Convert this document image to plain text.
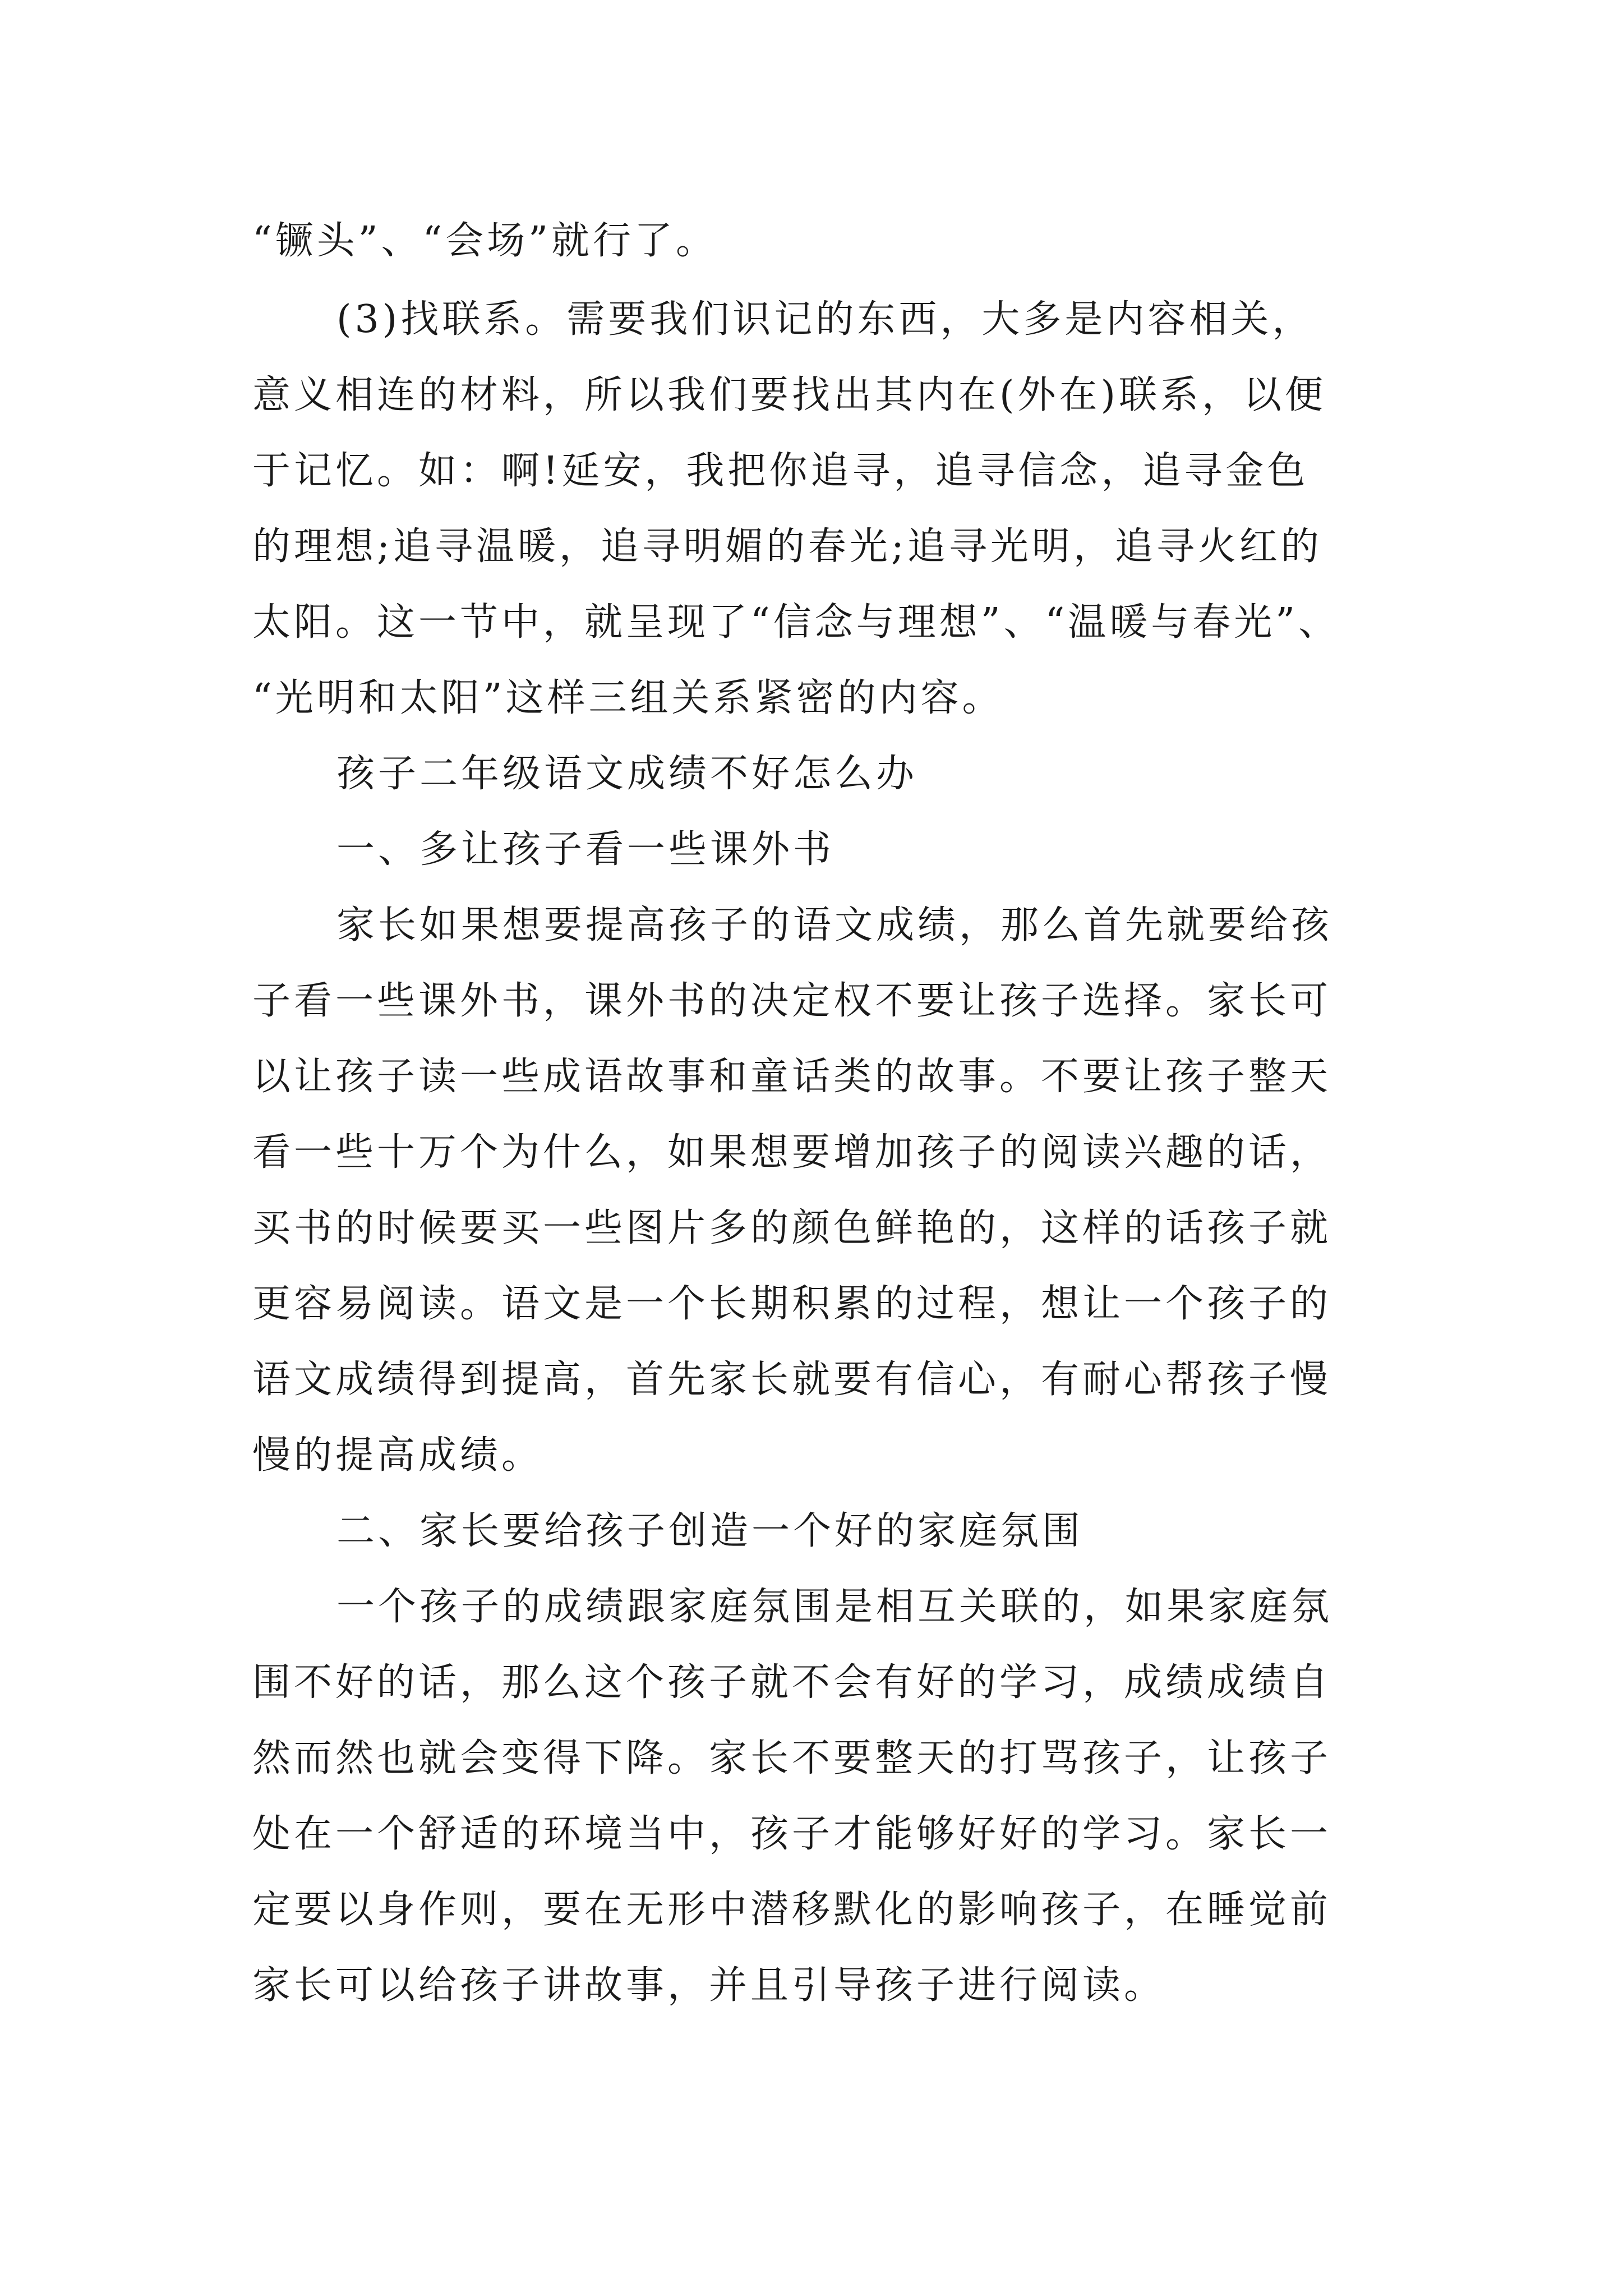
“镢头”、“会场”就行了。
(3)找联系。需要我们识记的东西，大多是内容相关，
意义相连的材料，所以我们要找出其内在(外在)联系，以便
于记忆。如：啊!延安，我把你追寻，追寻信念，追寻金色
的理想;追寻温暖，追寻明媚的春光;追寻光明，追寻火红的
太阳。这一节中，就呈现了“信念与理想”、“温暖与春光”、
“光明和太阳”这样三组关系紧密的内容。
孩子二年级语文成绩不好怎么办
一、多让孩子看一些课外书
家长如果想要提高孩子的语文成绩，那么首先就要给孩
子看一些课外书，课外书的决定权不要让孩子选择。家长可
以让孩子读一些成语故事和童话类的故事。不要让孩子整天
看一些十万个为什么，如果想要增加孩子的阅读兴趣的话，
买书的时候要买一些图片多的颜色鲜艳的，这样的话孩子就
更容易阅读。语文是一个长期积累的过程，想让一个孩子的
语文成绩得到提高，首先家长就要有信心，有耐心帮孩子慢
慢的提高成绩。
二、家长要给孩子创造一个好的家庭氛围
一个孩子的成绩跟家庭氛围是相互关联的，如果家庭氛
围不好的话，那么这个孩子就不会有好的学习，成绩成绩自
然而然也就会变得下降。家长不要整天的打骂孩子，让孩子
处在一个舒适的环境当中，孩子才能够好好的学习。家长一
定要以身作则，要在无形中潜移默化的影响孩子，在睡觉前
家长可以给孩子讲故事，并且引导孩子进行阅读。
